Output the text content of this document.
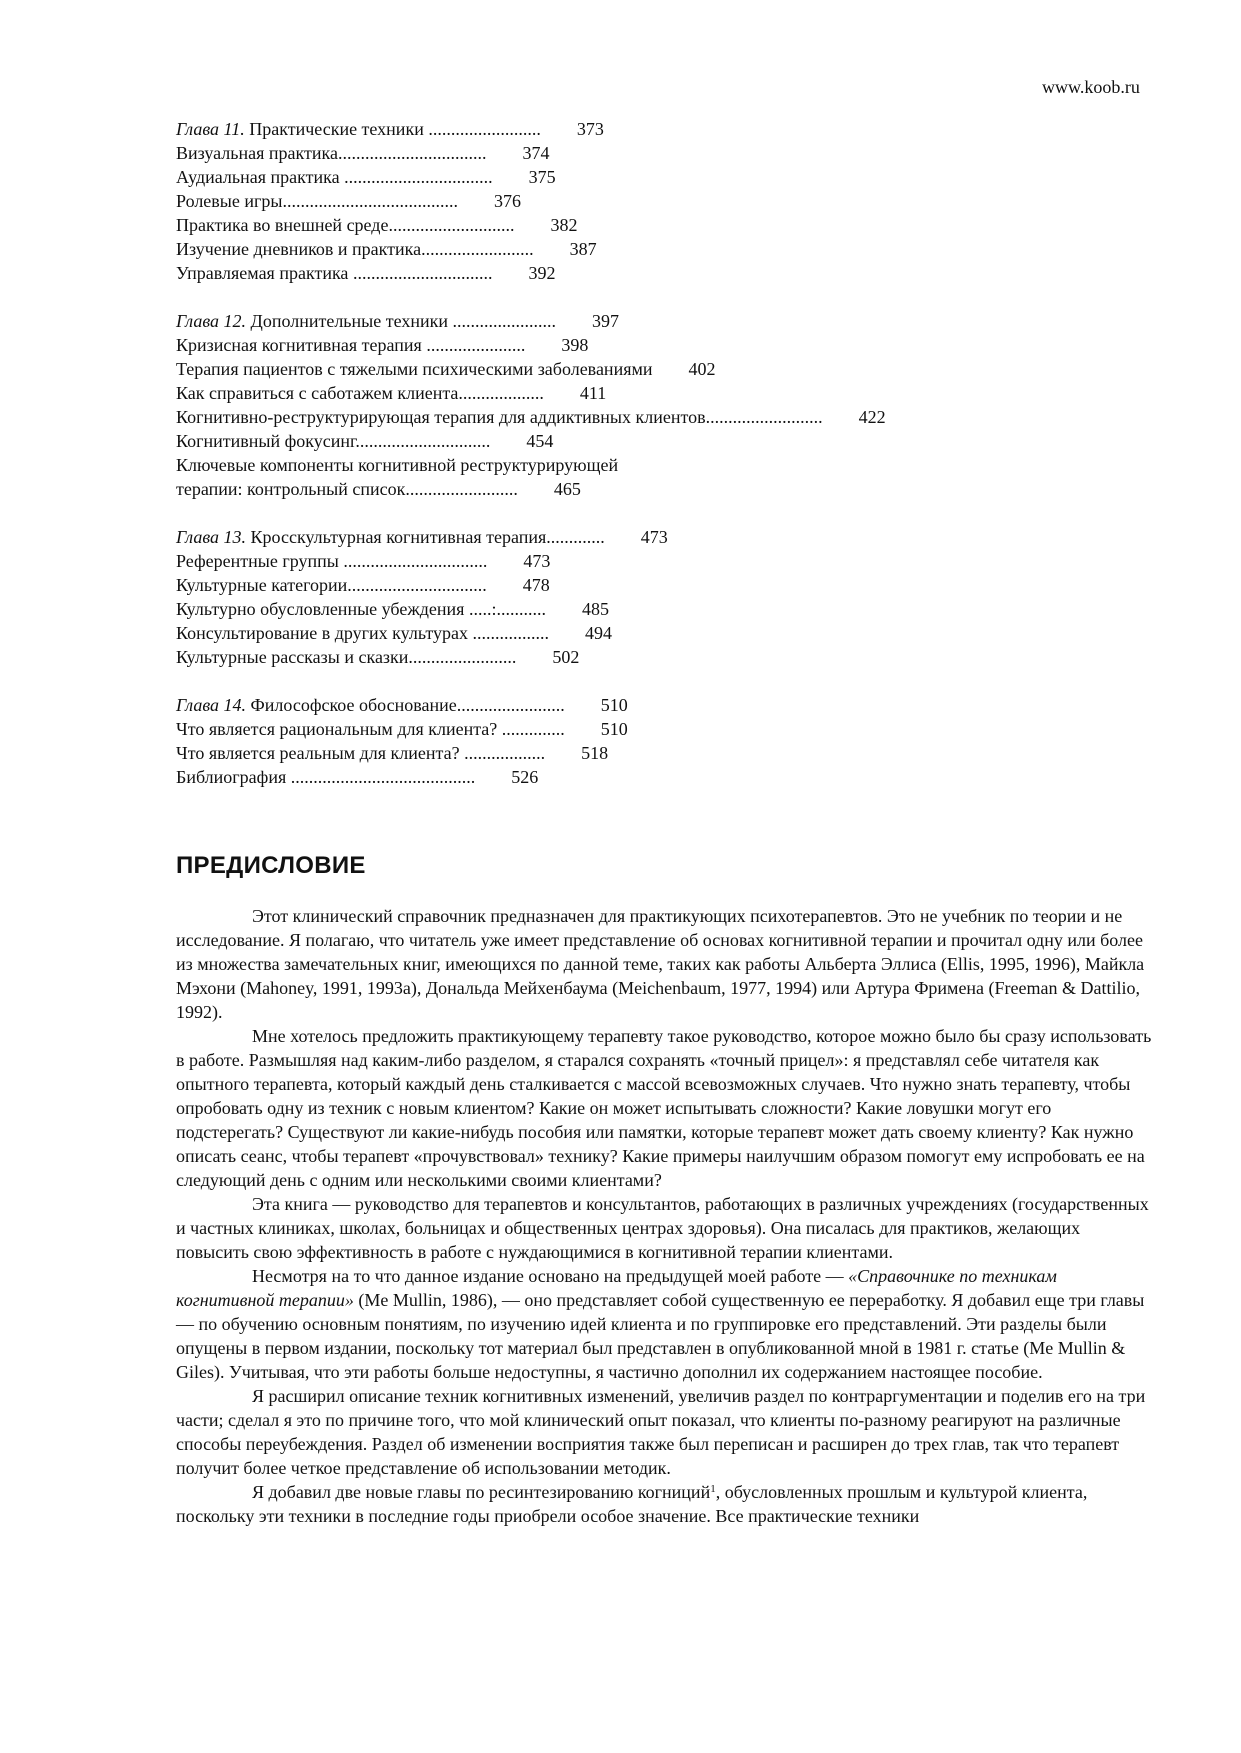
www.koob.ru
Глава 11. Практические техники .........................        373
Визуальная практика.................................        374
Аудиальная практика .................................        375
Ролевые игры.......................................        376
Практика во внешней среде............................        382
Изучение дневников и практика.........................        387
Управляемая практика ...............................        392
Глава 12. Дополнительные техники .......................        397
Кризисная когнитивная терапия ......................        398
Терапия пациентов с тяжелыми психическими заболеваниями        402
Как справиться с саботажем клиента...................        411
Когнитивно-реструктурирующая терапия для аддиктивных клиентов..........................        422
Когнитивный фокусинг..............................        454
Ключевые компоненты когнитивной реструктурирующей
терапии: контрольный список.........................        465
Глава 13. Кросскультурная когнитивная терапия.............        473
Референтные группы ................................        473
Культурные категории...............................        478
Культурно обусловленные убеждения .....:...........        485
Консультирование в других культурах .................        494
Культурные рассказы и сказки........................        502
Глава 14. Философское обоснование........................        510
Что является рациональным для клиента? ..............        510
Что является реальным для клиента? ..................        518
Библиография .........................................        526
ПРЕДИСЛОВИЕ

Этот клинический справочник предназначен для практикующих психотерапевтов. Это не учебник по теории и не исследование. Я полагаю, что читатель уже имеет представление об основах когнитивной терапии и прочитал одну или более из множества замечательных книг, имеющихся по данной теме, таких как работы Альберта Эллиса (Ellis, 1995, 1996), Майкла Мэхони (Mahoney, 1991, 1993а), Дональда Мейхенбаума (Meichenbaum, 1977, 1994) или Артура Фримена (Freeman & Dattilio, 1992).

Мне хотелось предложить практикующему терапевту такое руководство, которое можно было бы сразу использовать в работе. Размышляя над каким-либо разделом, я старался сохранять «точный прицел»: я представлял себе читателя как опытного терапевта, который каждый день сталкивается с массой всевозможных случаев. Что нужно знать терапевту, чтобы опробовать одну из техник с новым клиентом? Какие он может испытывать сложности? Какие ловушки могут его подстерегать? Существуют ли какие-нибудь пособия или памятки, которые терапевт может дать своему клиенту? Как нужно описать сеанс, чтобы терапевт «прочувствовал» технику? Какие примеры наилучшим образом помогут ему испробовать ее на следующий день с одним или несколькими своими клиентами?

Эта книга — руководство для терапевтов и консультантов, работающих в различных учреждениях (государственных и частных клиниках, школах, больницах и общественных центрах здоровья). Она писалась для практиков, желающих повысить свою эффективность в работе с нуждающимися в когнитивной терапии клиентами.

Несмотря на то что данное издание основано на предыдущей моей работе — «Справочнике по техникам когнитивной терапии» (Me Mullin, 1986), — оно представляет собой существенную ее переработку. Я добавил еще три главы — по обучению основным понятиям, по изучению идей клиента и по группировке его представлений. Эти разделы были опущены в первом издании, поскольку тот материал был представлен в опубликованной мной в 1981 г. статье (Me Mullin & Giles). Учитывая, что эти работы больше недоступны, я частично дополнил их содержанием настоящее пособие.

Я расширил описание техник когнитивных изменений, увеличив раздел по контраргументации и поделив его на три части; сделал я это по причине того, что мой клинический опыт показал, что клиенты по-разному реагируют на различные способы переубеждения. Раздел об изменении восприятия также был переписан и расширен до трех глав, так что терапевт получит более четкое представление об использовании методик.

Я добавил две новые главы по ресинтезированию когниций$^1$, обусловленных прошлым и культурой клиента, поскольку эти техники в последние годы приобрели особое значение. Все практические техники
